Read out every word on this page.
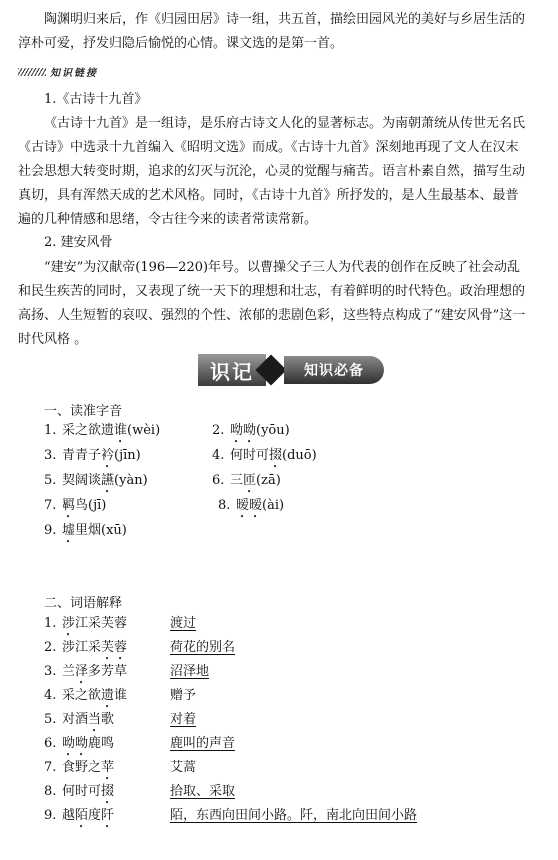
陶渊明归来后，作《归园田居》诗一组，共五首，描绘田园风光的美好与乡居生活的淳朴可爱，抒发归隐后愉悦的心情。课文选的是第一首。

知识链接
1.《古诗十九首》

《古诗十九首》是一组诗，是乐府古诗文人化的显著标志。为南朝萧统从传世无名氏《古诗》中选录十九首编入《昭明文选》而成。《古诗十九首》深刻地再现了文人在汉末社会思想大转变时期，追求的幻灭与沉沦，心灵的觉醒与痛苦。语言朴素自然，描写生动真切，具有浑然天成的艺术风格。同时，《古诗十九首》所抒发的，是人生最基本、最普遍的几种情感和思绪，令古往今来的读者常读常新。

2. 建安风骨

“建安”为汉献帝(196—220)年号。以曹操父子三人为代表的创作在反映了社会动乱和民生疾苦的同时，又表现了统一天下的理想和壮志，有着鲜明的时代特色。政治理想的高扬、人生短暂的哀叹、强烈的个性、浓郁的悲剧色彩，这些特点构成了“建安风骨”这一时代风格 。

识记	知识必备
一、读准字音
1. 采之欲遗谁(wèi)	2. 呦呦(yōu)
3. 青青子衿(jīn)	4. 何时可掇(duō)
5. 契阔谈讌(yàn)	6. 三匝(zā)
7. 羁鸟(jī)	8. 暧暧(ài)
9. 墟里烟(xū)
二、词语解释
1. 涉江采芙蓉	渡过
2. 涉江采芙蓉	荷花的别名
3. 兰泽多芳草	沼泽地
4. 采之欲遗谁	赠予
5. 对酒当歌	对着
6. 呦呦鹿鸣	鹿叫的声音
7. 食野之苹	艾蒿
8. 何时可掇	拾取、采取
9. 越陌度阡	陌，东西向田间小路。阡，南北向田间小路
